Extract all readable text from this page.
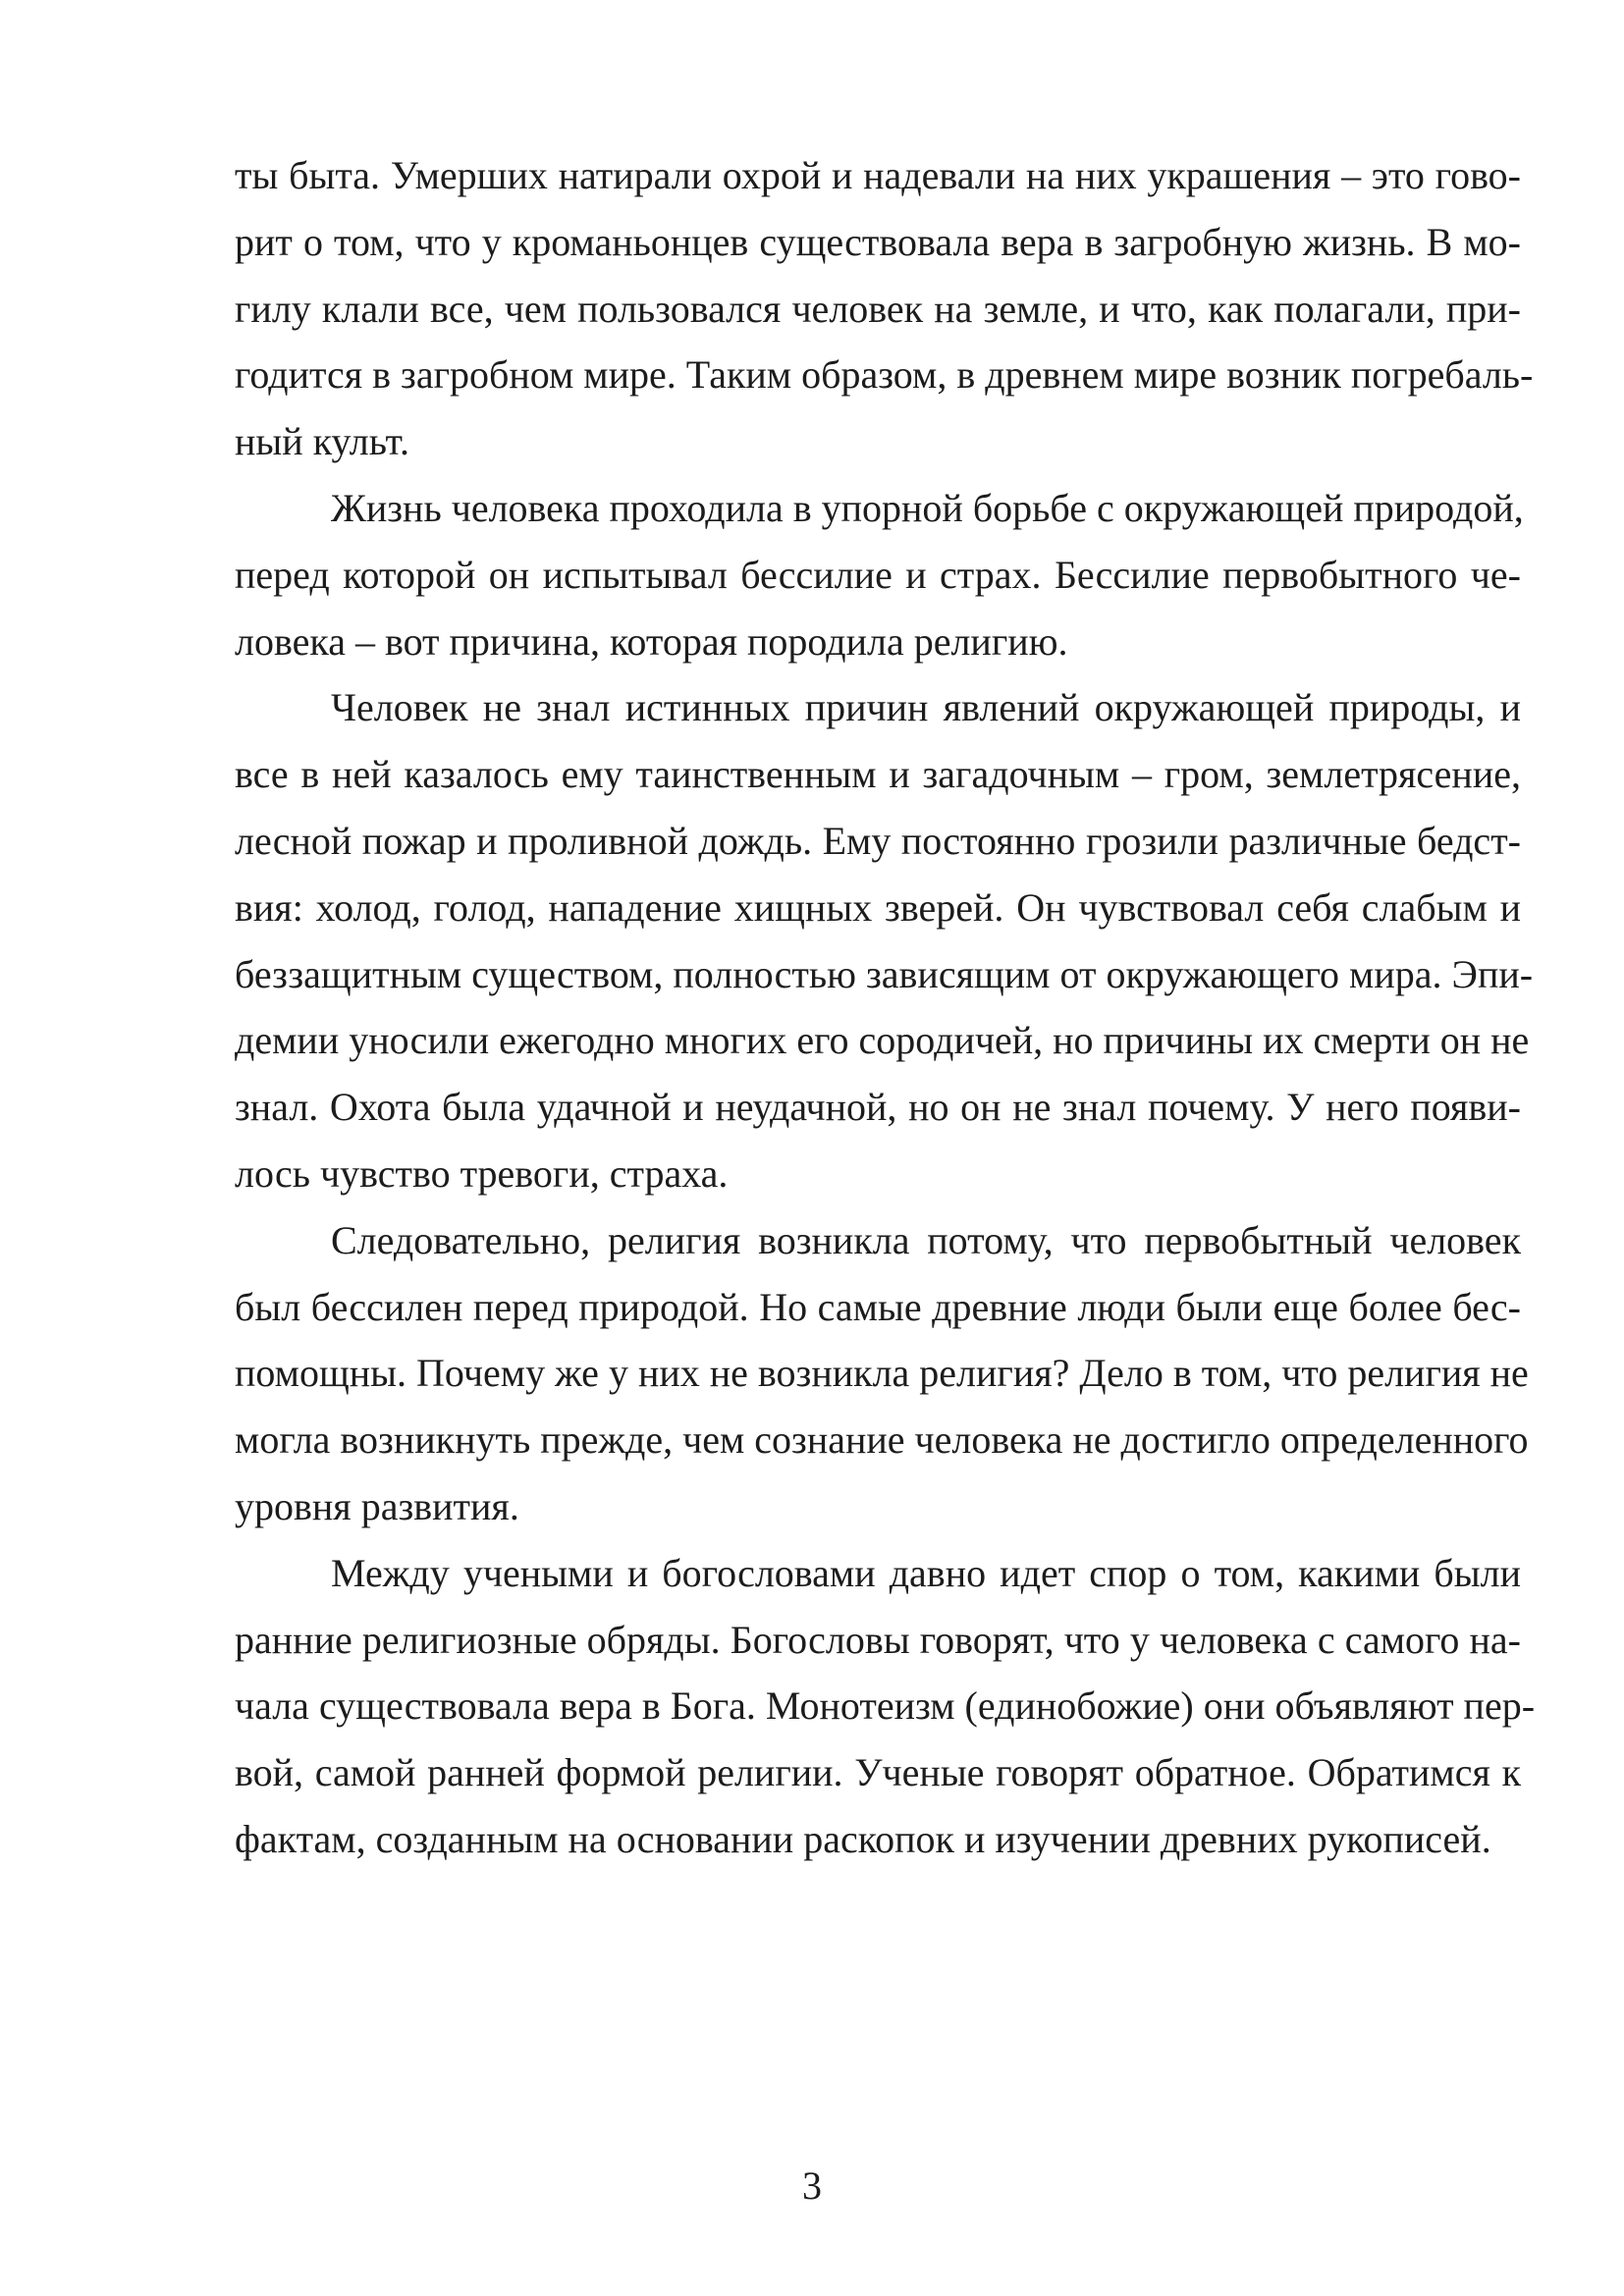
ты быта. Умерших натирали охрой и надевали на них украшения – это гово-
рит о том, что у кроманьонцев существовала вера в загробную жизнь. В мо-
гилу клали все, чем пользовался человек на земле, и что, как полагали, при-
годится в загробном мире. Таким образом, в древнем мире возник погребаль-
ный культ.
Жизнь человека проходила в упорной борьбе с окружающей природой,
перед которой он испытывал бессилие и страх. Бессилие первобытного че-
ловека – вот причина, которая породила религию.
Человек не знал истинных причин явлений окружающей природы, и
все в ней казалось ему таинственным и загадочным – гром, землетрясение,
лесной пожар и проливной дождь. Ему постоянно грозили различные бедст-
вия: холод, голод, нападение хищных зверей. Он чувствовал себя слабым и
беззащитным существом, полностью зависящим от окружающего мира. Эпи-
демии уносили ежегодно многих его сородичей, но причины их смерти он не
знал. Охота была удачной и неудачной, но он не знал почему. У него появи-
лось чувство тревоги, страха.
Следовательно, религия возникла потому, что первобытный человек
был бессилен перед природой. Но самые древние люди были еще более бес-
помощны. Почему же у них не возникла религия? Дело в том, что религия не
могла возникнуть прежде, чем сознание человека не достигло определенного
уровня развития.
Между учеными и богословами давно идет спор о том, какими были
ранние религиозные обряды. Богословы говорят, что у человека с самого на-
чала существовала вера в Бога. Монотеизм (единобожие) они объявляют пер-
вой, самой ранней формой религии. Ученые говорят обратное. Обратимся к
фактам, созданным на основании раскопок и изучении древних рукописей.
3
